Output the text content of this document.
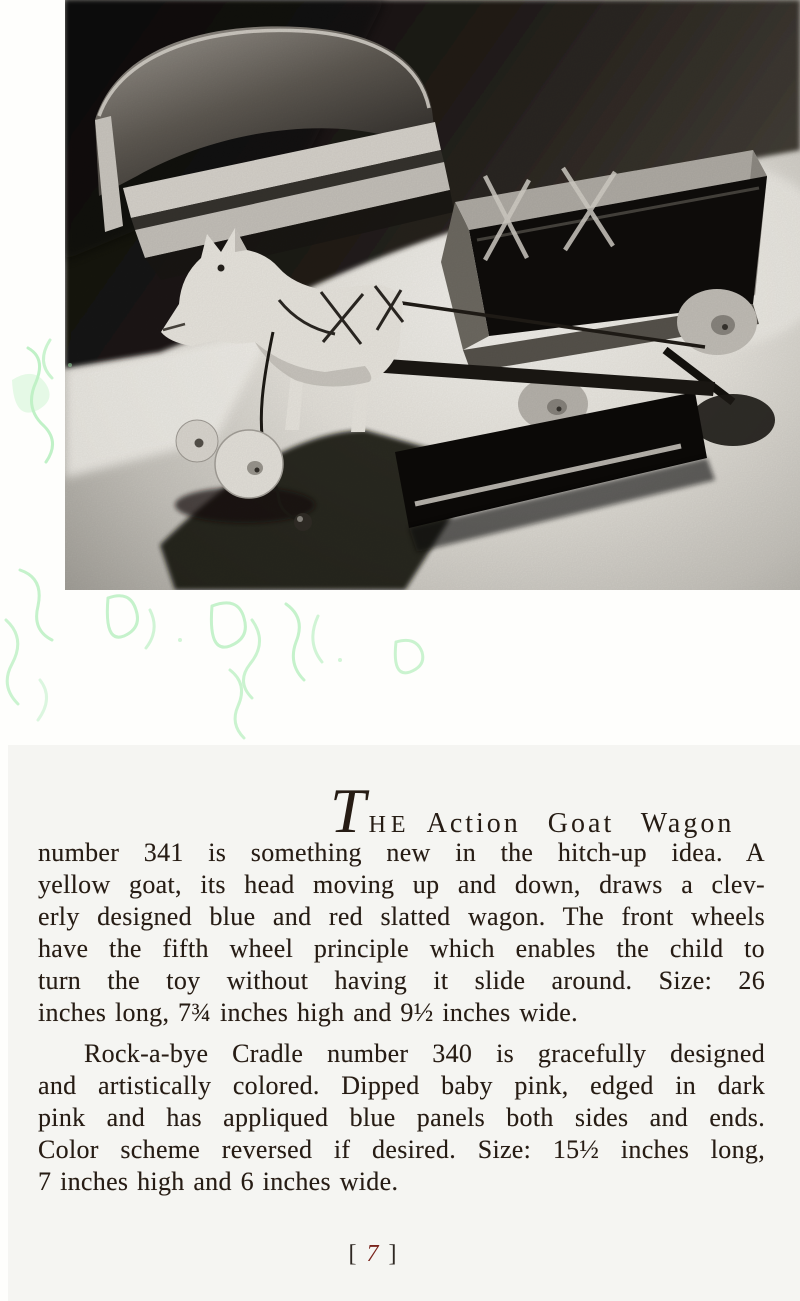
T HE Action Goat Wagon
number 341 is something new in the hitch-up idea. A
yellow goat, its head moving up and down, draws a clev-
erly designed blue and red slatted wagon. The front wheels
have the fifth wheel principle which enables the child to
turn the toy without having it slide around. Size: 26
inches long, 7¾ inches high and 9½ inches wide.
Rock-a-bye Cradle number 340 is gracefully designed
and artistically colored. Dipped baby pink, edged in dark
pink and has appliqued blue panels both sides and ends.
Color scheme reversed if desired. Size: 15½ inches long,
7 inches high and 6 inches wide.
[ 7 ]
